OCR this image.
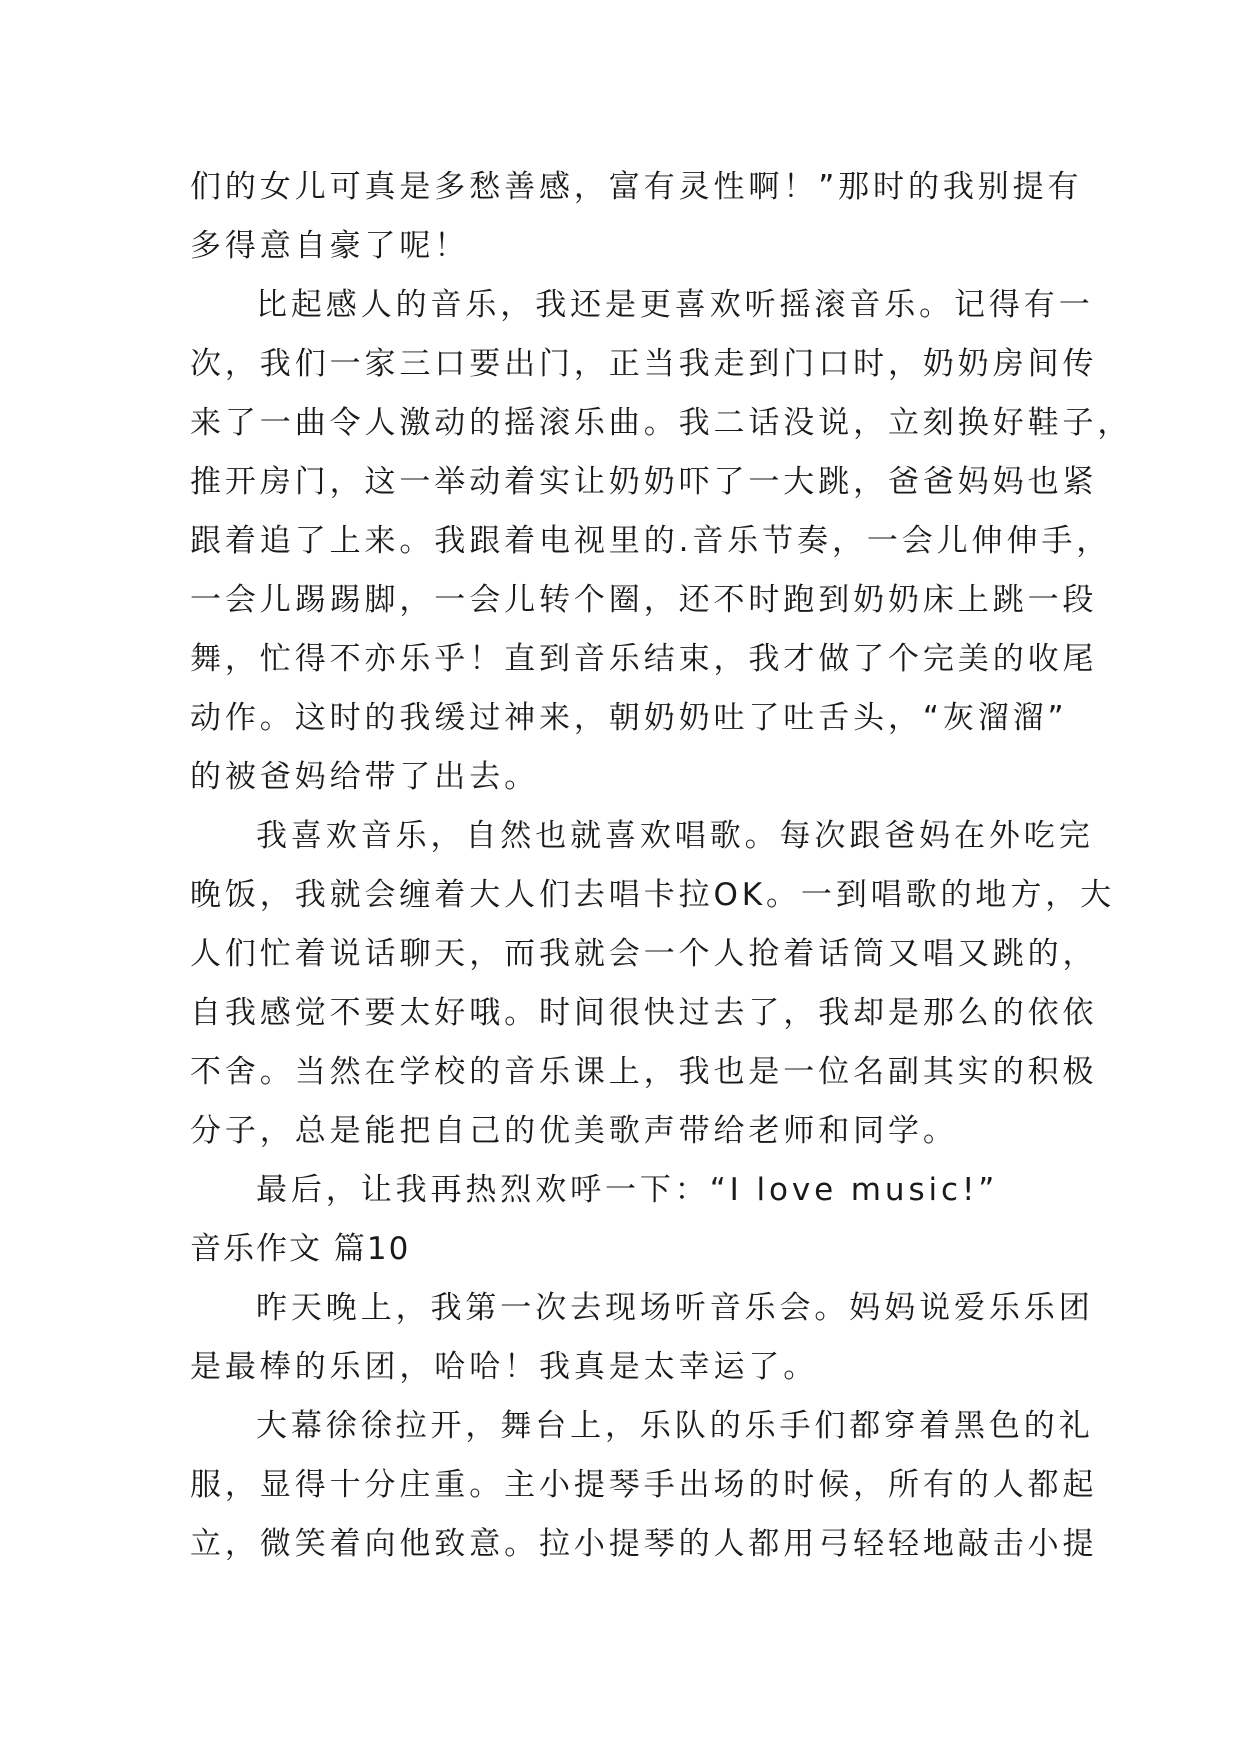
们的女儿可真是多愁善感，富有灵性啊！”那时的我别提有
多得意自豪了呢！
比起感人的音乐，我还是更喜欢听摇滚音乐。记得有一
次，我们一家三口要出门，正当我走到门口时，奶奶房间传
来了一曲令人激动的摇滚乐曲。我二话没说，立刻换好鞋子，
推开房门，这一举动着实让奶奶吓了一大跳，爸爸妈妈也紧
跟着追了上来。我跟着电视里的.音乐节奏，一会儿伸伸手，
一会儿踢踢脚，一会儿转个圈，还不时跑到奶奶床上跳一段
舞，忙得不亦乐乎！直到音乐结束，我才做了个完美的收尾
动作。这时的我缓过神来，朝奶奶吐了吐舌头，“灰溜溜”
的被爸妈给带了出去。
我喜欢音乐，自然也就喜欢唱歌。每次跟爸妈在外吃完
晚饭，我就会缠着大人们去唱卡拉OK。一到唱歌的地方，大
人们忙着说话聊天，而我就会一个人抢着话筒又唱又跳的，
自我感觉不要太好哦。时间很快过去了，我却是那么的依依
不舍。当然在学校的音乐课上，我也是一位名副其实的积极
分子，总是能把自己的优美歌声带给老师和同学。
最后，让我再热烈欢呼一下：“I love music!”
音乐作文 篇10
昨天晚上，我第一次去现场听音乐会。妈妈说爱乐乐团
是最棒的乐团，哈哈！我真是太幸运了。
大幕徐徐拉开，舞台上，乐队的乐手们都穿着黑色的礼
服，显得十分庄重。主小提琴手出场的时候，所有的人都起
立，微笑着向他致意。拉小提琴的人都用弓轻轻地敲击小提
